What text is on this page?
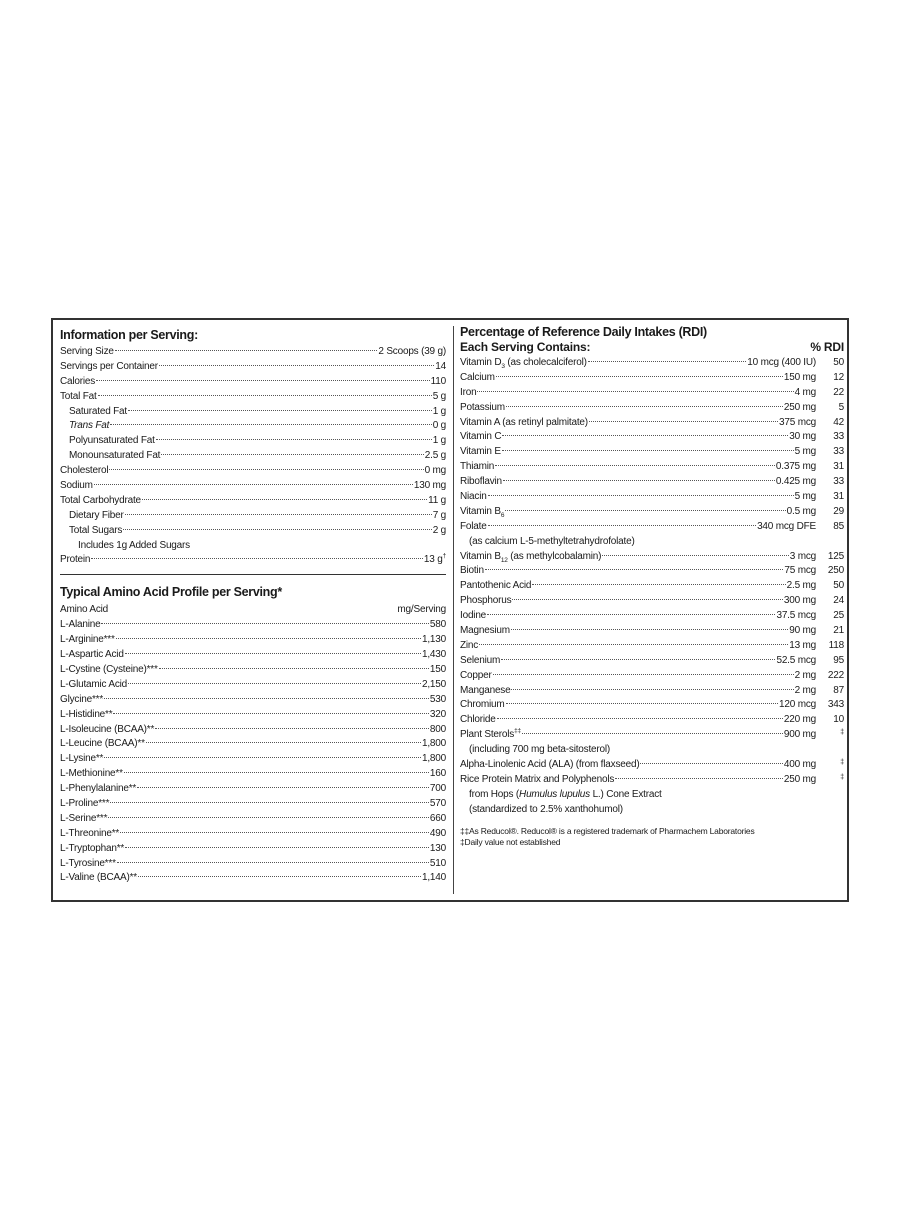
Information per Serving:
Serving Size	2 Scoops (39 g)
Servings per Container	14
Calories	110
Total Fat	5 g
Saturated Fat	1 g
Trans Fat	0 g
Polyunsaturated Fat	1 g
Monounsaturated Fat	2.5 g
Cholesterol	0 mg
Sodium	130 mg
Total Carbohydrate	11 g
Dietary Fiber	7 g
Total Sugars	2 g
Includes 1g Added Sugars
Protein	13 g†
Typical Amino Acid Profile per Serving*
Amino Acid	mg/Serving
L-Alanine	580
L-Arginine***	1,130
L-Aspartic Acid	1,430
L-Cystine (Cysteine)***	150
L-Glutamic Acid	2,150
Glycine***	530
L-Histidine**	320
L-Isoleucine (BCAA)**	800
L-Leucine (BCAA)**	1,800
L-Lysine**	1,800
L-Methionine**	160
L-Phenylalanine**	700
L-Proline***	570
L-Serine***	660
L-Threonine**	490
L-Tryptophan**	130
L-Tyrosine***	510
L-Valine (BCAA)**	1,140
Percentage of Reference Daily Intakes (RDI)
Each Serving Contains:	% RDI
Vitamin $D_3$ (as cholecalciferol)	10 mcg (400 IU)	50
Calcium	150 mg	12
Iron	4 mg	22
Potassium	250 mg	5
Vitamin A (as retinyl palmitate)	375 mcg	42
Vitamin C	30 mg	33
Vitamin E	5 mg	33
Thiamin	0.375 mg	31
Riboflavin	0.425 mg	33
Niacin	5 mg	31
Vitamin $B_6$	0.5 mg	29
Folate	340 mcg DFE	85
(as calcium L-5-methyltetrahydrofolate)
Vitamin $B_{12}$ (as methylcobalamin)	3 mcg	125
Biotin	75 mcg	250
Pantothenic Acid	2.5 mg	50
Phosphorus	300 mg	24
Iodine	37.5 mcg	25
Magnesium	90 mg	21
Zinc	13 mg	118
Selenium	52.5 mcg	95
Copper	2 mg	222
Manganese	2 mg	87
Chromium	120 mcg	343
Chloride	220 mg	10
Plant Sterols‡‡	900 mg	‡
(including 700 mg beta-sitosterol)
Alpha-Linolenic Acid (ALA) (from flaxseed)	400 mg	‡
Rice Protein Matrix and Polyphenols	250 mg	‡
from Hops (Humulus lupulus L.) Cone Extract
(standardized to 2.5% xanthohumol)
‡‡As Reducol®. Reducol® is a registered trademark of Pharmachem Laboratories
‡Daily value not established
